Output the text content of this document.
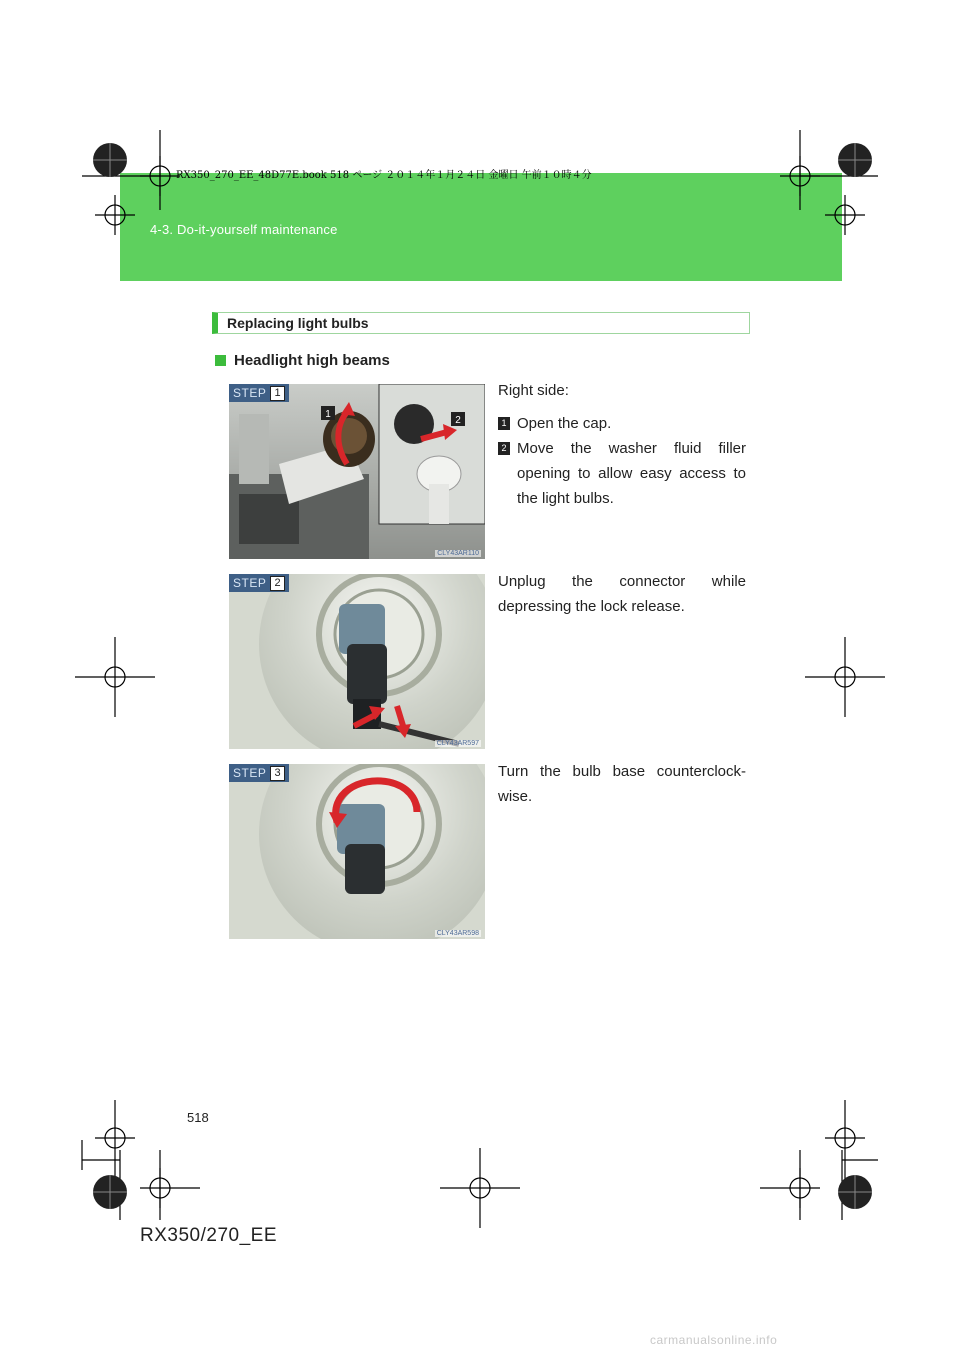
RX350_270_EE_48D77E.book 518 ページ ２０１４年１月２４日 金曜日 午前１０時４分
4-3. Do-it-yourself maintenance
Replacing light bulbs
Headlight high beams
1
2
STEP 1
CLY43AR110
Right side:
1 Open the cap.
2 Move the washer fluid filler opening to allow easy access to the light bulbs.
STEP 2
CLY43AR597
Unplug the connector while depressing the lock release.
STEP 3
CLY43AR598
Turn the bulb base counterclock-wise.
518
RX350/270_EE
carmanualsonline.info
